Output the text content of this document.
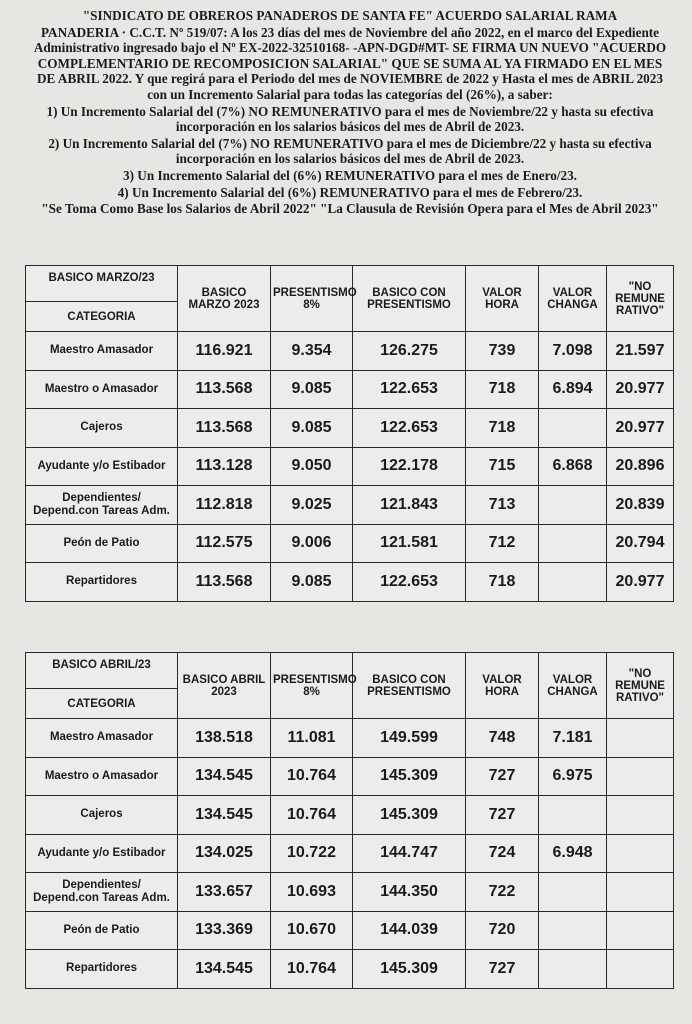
"SINDICATO DE OBREROS PANADEROS DE SANTA FE" ACUERDO SALARIAL RAMA

PANADERIA · C.C.T. Nº 519/07: A los 23 días del mes de Noviembre del año 2022, en el marco del Expediente Administrativo ingresado bajo el Nº EX-2022-32510168- -APN-DGD#MT- SE FIRMA UN NUEVO "ACUERDO COMPLEMENTARIO DE RECOMPOSICION SALARIAL" QUE SE SUMA AL YA FIRMADO EN EL MES DE ABRIL 2022. Y que regirá para el Periodo del mes de NOVIEMBRE de 2022 y Hasta el mes de ABRIL 2023 con un Incremento Salarial para todas las categorías del (26%), a saber:

1) Un Incremento Salarial del (7%) NO REMUNERATIVO para el mes de Noviembre/22 y hasta su efectiva incorporación en los salarios básicos del mes de Abril de 2023.

2) Un Incremento Salarial del (7%) NO REMUNERATIVO para el mes de Diciembre/22 y hasta su efectiva incorporación en los salarios básicos del mes de Abril de 2023.

3) Un Incremento Salarial del (6%) REMUNERATIVO para el mes de Enero/23.

4) Un Incremento Salarial del (6%) REMUNERATIVO para el mes de Febrero/23.

"Se Toma Como Base los Salarios de Abril 2022" "La Clausula de Revisión Opera para el Mes de Abril 2023"

BASICO MARZO/23	BASICO MARZO 2023	PRESENTISMO 8%	BASICO CON PRESENTISMO	VALOR HORA	VALOR CHANGA	"NO REMUNE RATIVO"
CATEGORIA						
Maestro Amasador	116.921	9.354	126.275	739	7.098	21.597
Maestro o Amasador	113.568	9.085	122.653	718	6.894	20.977
Cajeros	113.568	9.085	122.653	718		20.977
Ayudante y/o Estibador	113.128	9.050	122.178	715	6.868	20.896
Dependientes/ Depend.con Tareas Adm.	112.818	9.025	121.843	713		20.839
Peón de Patio	112.575	9.006	121.581	712		20.794
Repartidores	113.568	9.085	122.653	718		20.977
BASICO ABRIL/23	BASICO ABRIL 2023	PRESENTISMO 8%	BASICO CON PRESENTISMO	VALOR HORA	VALOR CHANGA	"NO REMUNE RATIVO"
CATEGORIA						
Maestro Amasador	138.518	11.081	149.599	748	7.181	
Maestro o Amasador	134.545	10.764	145.309	727	6.975	
Cajeros	134.545	10.764	145.309	727		
Ayudante y/o Estibador	134.025	10.722	144.747	724	6.948	
Dependientes/ Depend.con Tareas Adm.	133.657	10.693	144.350	722		
Peón de Patio	133.369	10.670	144.039	720		
Repartidores	134.545	10.764	145.309	727		
